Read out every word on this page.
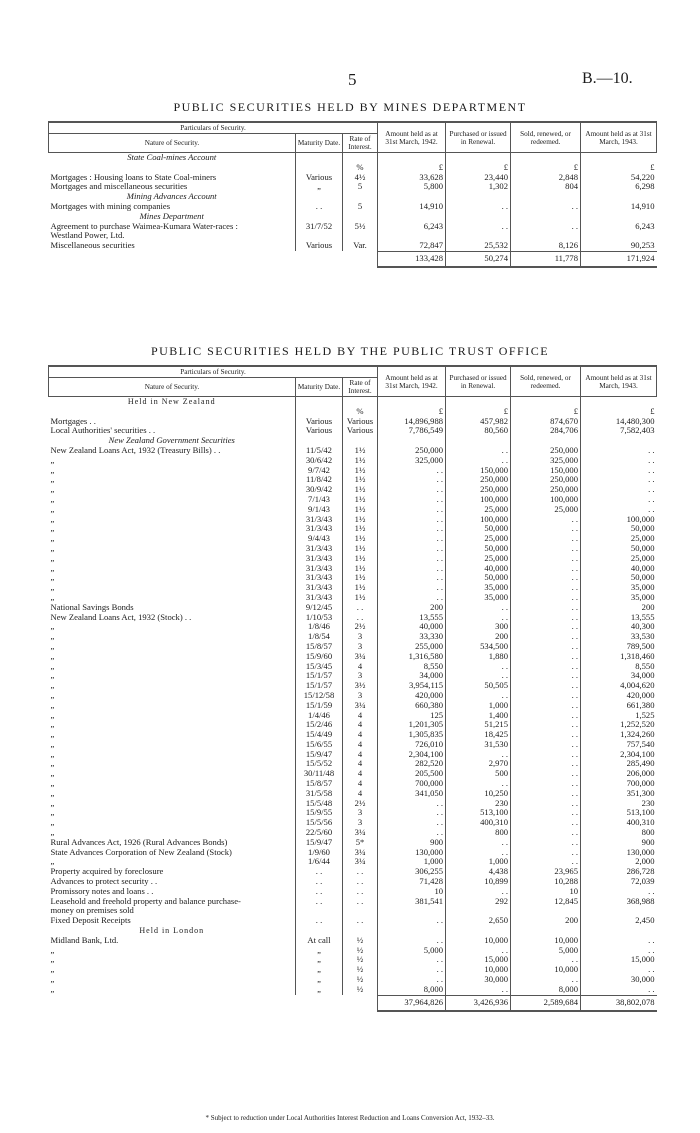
5	B.—10.
PUBLIC SECURITIES HELD BY MINES DEPARTMENT
Particulars of Security.			Amount held as at 31st March, 1942.	Purchased or issued in Renewal.	Sold, renewed, or redeemed.	Amount held as at 31st March, 1943.
Nature of Security.	Maturity Date.	Rate of Interest.				
State Coal-mines Account						
		%	£	£	£	£
Mortgages : Housing loans to State Coal-miners	Various	4½	33,628	23,440	2,848	54,220
Mortgages and miscellaneous securities	„	5	5,800	1,302	804	6,298
Mining Advances Account						
Mortgages with mining companies	. .	5	14,910	. .	. .	14,910
Mines Department						
Agreement to purchase Waimea-Kumara Water-races :	31/7/52	5½	6,243	. .	. .	6,243
Westland Power, Ltd.						
Miscellaneous securities	Various	Var.	72,847	25,532	8,126	90,253
			133,428	50,274	11,778	171,924
PUBLIC SECURITIES HELD BY THE PUBLIC TRUST OFFICE
Particulars of Security.			Amount held as at 31st March, 1942.	Purchased or issued in Renewal.	Sold, renewed, or redeemed.	Amount held as at 31st March, 1943.
Nature of Security.	Maturity Date.	Rate of Interest.				
Held in New Zealand						
		%	£	£	£	£
Mortgages . .	Various	Various	14,896,988	457,982	874,670	14,480,300
Local Authorities' securities . .	Various	Various	7,786,549	80,560	284,706	7,582,403
New Zealand Government Securities						
New Zealand Loans Act, 1932 (Treasury Bills) . .	11/5/42	1½	250,000	. .	250,000	. .
„	30/6/42	1½	325,000	. .	325,000	. .
„	9/7/42	1½	. .	150,000	150,000	. .
„	11/8/42	1½	. .	250,000	250,000	. .
„	30/9/42	1½	. .	250,000	250,000	. .
„	7/1/43	1½	. .	100,000	100,000	. .
„	9/1/43	1½	. .	25,000	25,000	. .
„	31/3/43	1½	. .	100,000	. .	100,000
„	31/3/43	1½	. .	50,000	. .	50,000
„	9/4/43	1½	. .	25,000	. .	25,000
„	31/3/43	1½	. .	50,000	. .	50,000
„	31/3/43	1½	. .	25,000	. .	25,000
„	31/3/43	1½	. .	40,000	. .	40,000
„	31/3/43	1½	. .	50,000	. .	50,000
„	31/3/43	1½	. .	35,000	. .	35,000
„	31/3/43	1½	. .	35,000	. .	35,000
National Savings Bonds	9/12/45	. .	200	. .	. .	200
New Zealand Loans Act, 1932 (Stock) . .	1/10/53	. .	13,555	. .	. .	13,555
„	1/8/46	2½	40,000	300	. .	40,300
„	1/8/54	3	33,330	200	. .	33,530
„	15/8/57	3	255,000	534,500	. .	789,500
„	15/9/60	3¼	1,316,580	1,880	. .	1,318,460
„	15/3/45	4	8,550	. .	. .	8,550
„	15/1/57	3	34,000	. .	. .	34,000
„	15/1/57	3½	3,954,115	50,505	. .	4,004,620
„	15/12/58	3	420,000	. .	. .	420,000
„	15/1/59	3¼	660,380	1,000	. .	661,380
„	1/4/46	4	125	1,400	. .	1,525
„	15/2/46	4	1,201,305	51,215	. .	1,252,520
„	15/4/49	4	1,305,835	18,425	. .	1,324,260
„	15/6/55	4	726,010	31,530	. .	757,540
„	15/9/47	4	2,304,100	. .	. .	2,304,100
„	15/5/52	4	282,520	2,970	. .	285,490
„	30/11/48	4	205,500	500	. .	206,000
„	15/8/57	4	700,000	. .	. .	700,000
„	31/5/58	4	341,050	10,250	. .	351,300
„	15/5/48	2½	. .	230	. .	230
„	15/9/55	3	. .	513,100	. .	513,100
„	15/5/56	3	. .	400,310	. .	400,310
„	22/5/60	3¼	. .	800	. .	800
Rural Advances Act, 1926 (Rural Advances Bonds)	15/9/47	5*	900	. .	. .	900
State Advances Corporation of New Zealand (Stock)	1/9/60	3¼	130,000	. .	. .	130,000
„	1/6/44	3¼	1,000	1,000	. .	2,000
Property acquired by foreclosure	. .	. .	306,255	4,438	23,965	286,728
Advances to protect security . .	. .	. .	71,428	10,899	10,288	72,039
Promissory notes and loans . .	. .	. .	10	. .	10	. .
Leasehold and freehold property and balance purchase-	. .	. .	381,541	292	12,845	368,988
money on premises sold						
Fixed Deposit Receipts	. .	. .	. .	2,650	200	2,450
Held in London						
Midland Bank, Ltd.	At call	½	. .	10,000	10,000	. .
„	„	½	5,000	. .	5,000	. .
„	„	½	. .	15,000	. .	15,000
„	„	½	. .	10,000	10,000	. .
„	„	½	. .	30,000	. .	30,000
„	„	½	8,000	. .	8,000	. .
			37,964,826	3,426,936	2,589,684	38,802,078
* Subject to reduction under Local Authorities Interest Reduction and Loans Conversion Act, 1932–33.
